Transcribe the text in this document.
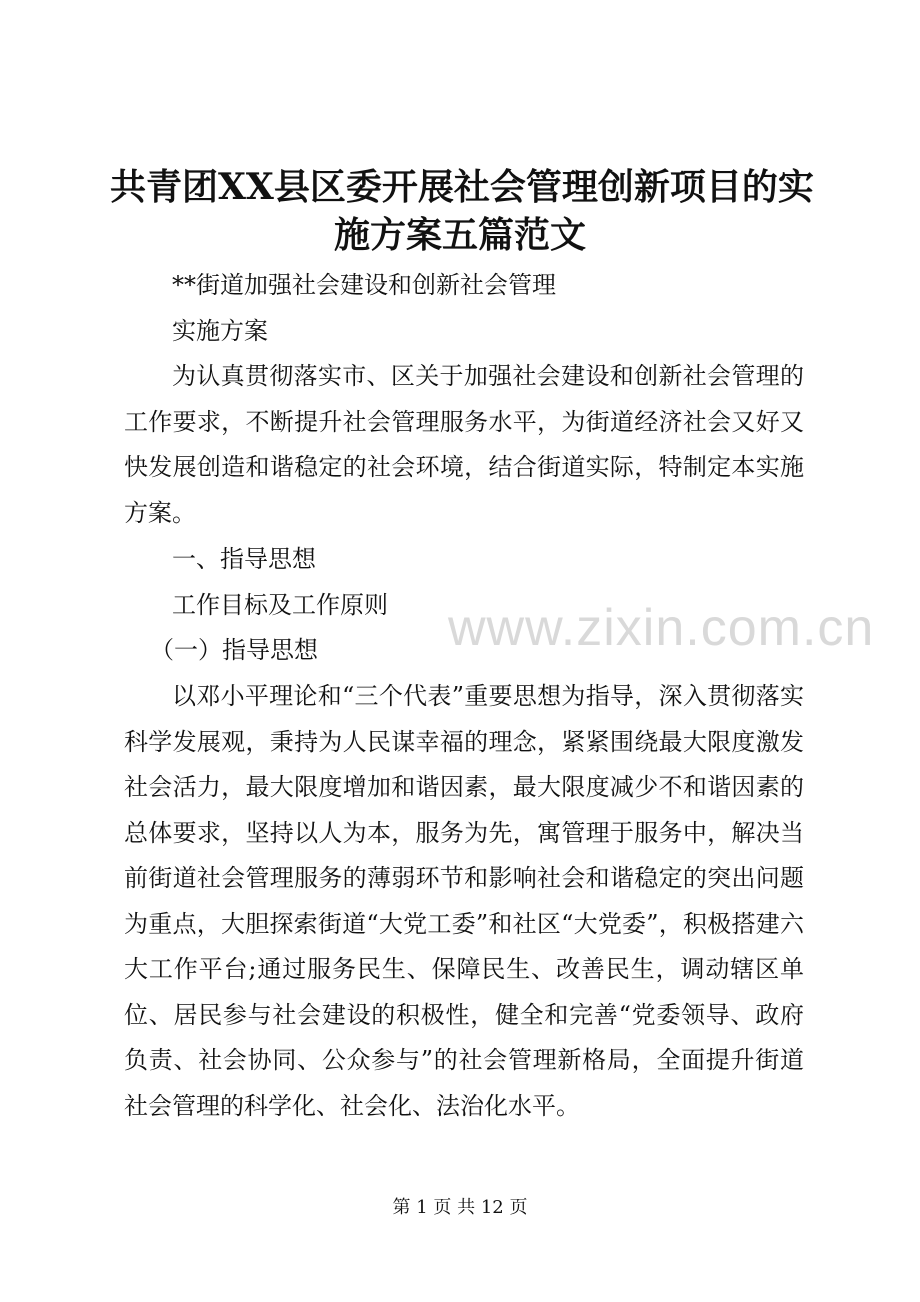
共青团XX县区委开展社会管理创新项目的实
施方案五篇范文

**街道加强社会建设和创新社会管理

实施方案

为认真贯彻落实市、区关于加强社会建设和创新社会管理的工作要求，不断提升社会管理服务水平，为街道经济社会又好又快发展创造和谐稳定的社会环境，结合街道实际，特制定本实施方案。

一、指导思想

工作目标及工作原则

（一）指导思想

以邓小平理论和“三个代表”重要思想为指导，深入贯彻落实科学发展观，秉持为人民谋幸福的理念，紧紧围绕最大限度激发社会活力，最大限度增加和谐因素，最大限度减少不和谐因素的总体要求，坚持以人为本，服务为先，寓管理于服务中，解决当前街道社会管理服务的薄弱环节和影响社会和谐稳定的突出问题为重点，大胆探索街道“大党工委”和社区“大党委”，积极搭建六大工作平台;通过服务民生、保障民生、改善民生，调动辖区单位、居民参与社会建设的积极性，健全和完善“党委领导、政府负责、社会协同、公众参与”的社会管理新格局，全面提升街道社会管理的科学化、社会化、法治化水平。

www.zixin.com.cn
第 1 页 共 12 页
